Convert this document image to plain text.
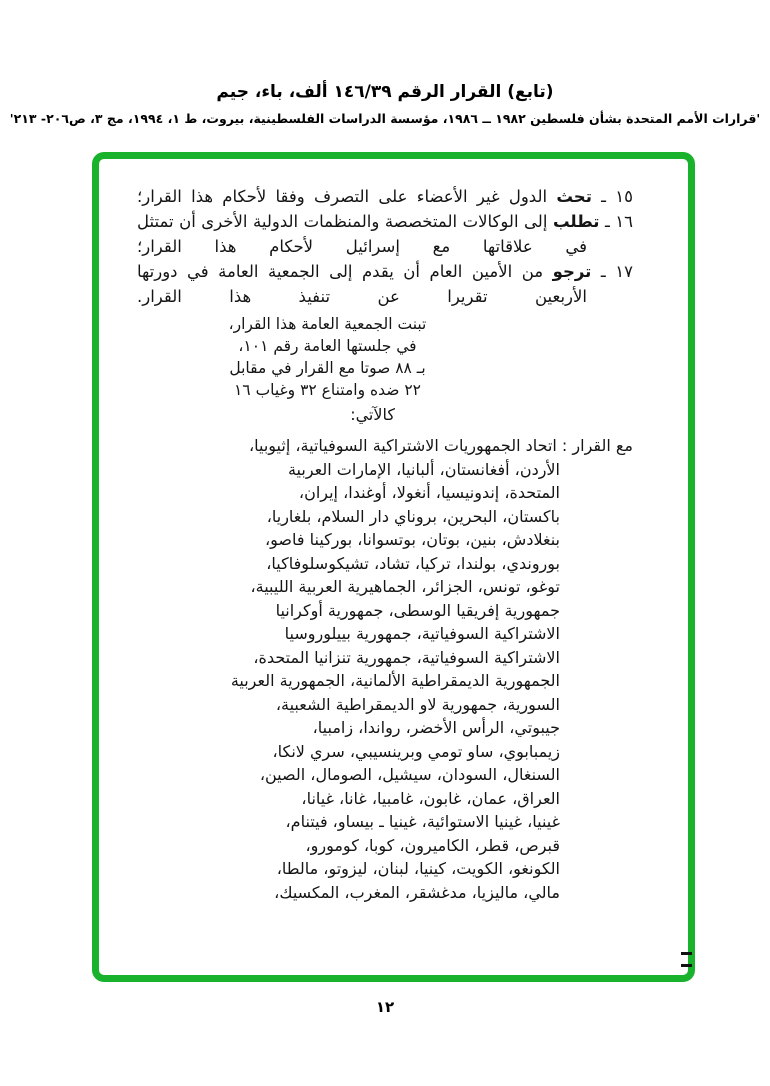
(تابع) القرار الرقم ١٤٦/٣٩ ألف، باء، جيم
'قرارات الأمم المتحدة بشأن فلسطين ⁦١٩٨٢ ــ ١٩٨٦⁩، مؤسسة الدراسات الفلسطينية، بيروت، ط ١، ١٩٩٤، مج ٣، ص⁦٢٠٦- ٢١٣⁩'

١٥ ـ تحث الدول غير الأعضاء على التصرف وفقا لأحكام هذا القرار؛

١٦ ـ تطلب إلى الوكالات المتخصصة والمنظمات الدولية الأخرى أن تمتثل في علاقاتها مع إسرائيل لأحكام هذا القرار؛

١٧ ـ ترجو من الأمين العام أن يقدم إلى الجمعية العامة في دورتها الأربعين تقريرا عن تنفيذ هذا القرار.

تبنت الجمعية العامة هذا القرار،
في جلستها العامة رقم ١٠١،
بـ ٨٨ صوتا مع القرار في مقابل
٢٢ ضده وامتناع ٣٢ وغياب ١٦
كالآتي:
مع القرار : اتحاد الجمهوريات الاشتراكية السوفياتية، إثيوبيا،
الأردن، أفغانستان، ألبانيا، الإمارات العربية
المتحدة، إندونيسيا، أنغولا، أوغندا، إيران،
باكستان، البحرين، بروناي دار السلام، بلغاريا،
بنغلادش، بنين، بوتان، بوتسوانا، بوركينا فاصو،
بوروندي، بولندا، تركيا، تشاد، تشيكوسلوفاكيا،
توغو، تونس، الجزائر، الجماهيرية العربية الليبية،
جمهورية إفريقيا الوسطى، جمهورية أوكرانيا
الاشتراكية السوفياتية، جمهورية بييلوروسيا
الاشتراكية السوفياتية، جمهورية تنزانيا المتحدة،
الجمهورية الديمقراطية الألمانية، الجمهورية العربية
السورية، جمهورية لاو الديمقراطية الشعبية،
جيبوتي، الرأس الأخضر، رواندا، زامبيا،
زيمبابوي، ساو تومي وبرينسيبي، سري لانكا،
السنغال، السودان، سيشيل، الصومال، الصين،
العراق، عمان، غابون، غامبيا، غانا، غيانا،
غينيا، غينيا الاستوائية، غينيا ـ بيساو، فيتنام،
قبرص، قطر، الكاميرون، كوبا، كومورو،
الكونغو، الكويت، كينيا، لبنان، ليزوتو، مالطا،
مالي، ماليزيا، مدغشقر، المغرب، المكسيك،
١٢
